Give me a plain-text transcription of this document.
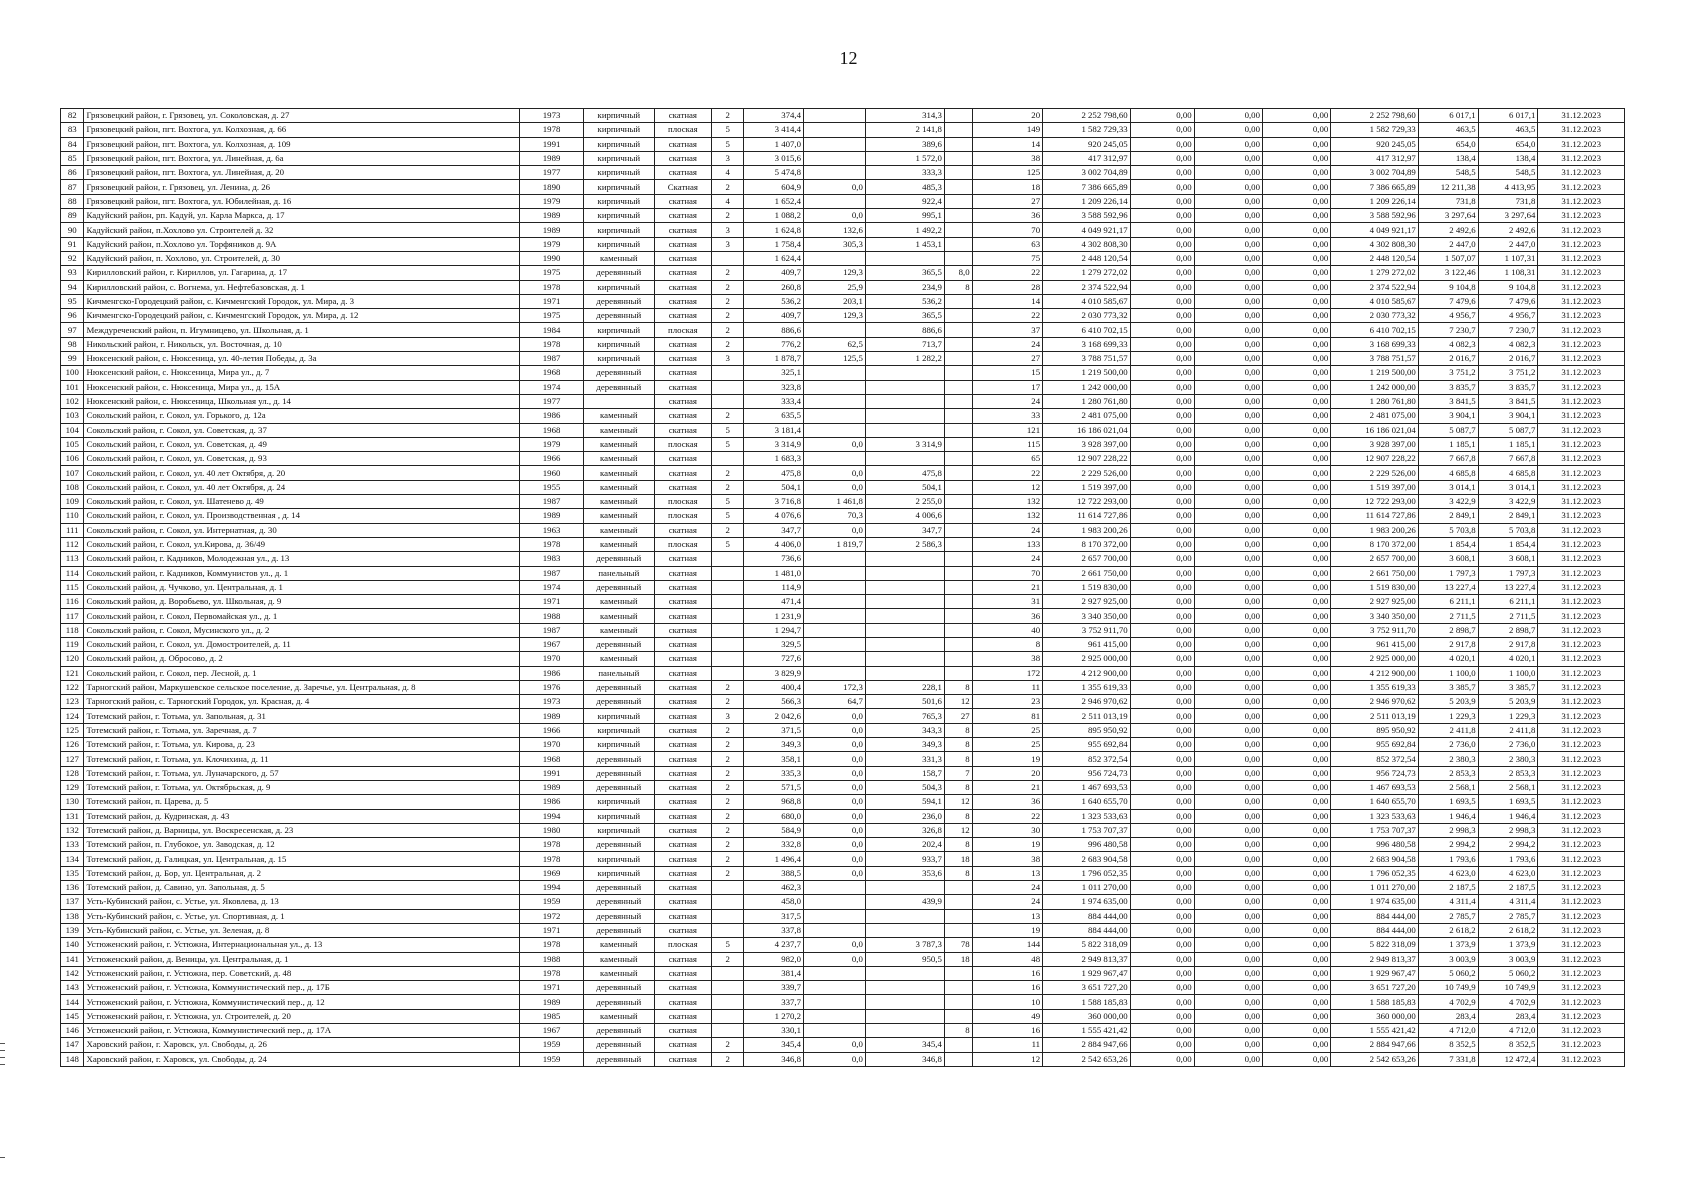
12
82	Грязовецкий район, г. Грязовец, ул. Соколовская, д. 27	1973	кирпичный	скатная	2	374,4		314,3		20	2 252 798,60	0,00	0,00	0,00	2 252 798,60	6 017,1	6 017,1	31.12.2023
83	Грязовецкий район, пгт. Вохтога, ул. Колхозная, д. 66	1978	кирпичный	плоская	5	3 414,4		2 141,8		149	1 582 729,33	0,00	0,00	0,00	1 582 729,33	463,5	463,5	31.12.2023
84	Грязовецкий район, пгт. Вохтога, ул. Колхозная, д. 109	1991	кирпичный	скатная	5	1 407,0		389,6		14	920 245,05	0,00	0,00	0,00	920 245,05	654,0	654,0	31.12.2023
85	Грязовецкий район, пгт. Вохтога, ул. Линейная, д. 6а	1989	кирпичный	скатная	3	3 015,6		1 572,0		38	417 312,97	0,00	0,00	0,00	417 312,97	138,4	138,4	31.12.2023
86	Грязовецкий район, пгт. Вохтога, ул. Линейная, д. 20	1977	кирпичный	скатная	4	5 474,8		333,3		125	3 002 704,89	0,00	0,00	0,00	3 002 704,89	548,5	548,5	31.12.2023
87	Грязовецкий район, г. Грязовец, ул. Ленина, д. 26	1890	кирпичный	Скатная	2	604,9	0,0	485,3		18	7 386 665,89	0,00	0,00	0,00	7 386 665,89	12 211,38	4 413,95	31.12.2023
88	Грязовецкий район, пгт. Вохтога, ул. Юбилейная, д. 16	1979	кирпичный	скатная	4	1 652,4		922,4		27	1 209 226,14	0,00	0,00	0,00	1 209 226,14	731,8	731,8	31.12.2023
89	Кадуйский район, рп. Кадуй, ул. Карла Маркса, д. 17	1989	кирпичный	скатная	2	1 088,2	0,0	995,1		36	3 588 592,96	0,00	0,00	0,00	3 588 592,96	3 297,64	3 297,64	31.12.2023
90	Кадуйский район, п.Хохлово ул. Строителей д. 32	1989	кирпичный	скатная	3	1 624,8	132,6	1 492,2		70	4 049 921,17	0,00	0,00	0,00	4 049 921,17	2 492,6	2 492,6	31.12.2023
91	Кадуйский район, п.Хохлово ул. Торфяников д. 9А	1979	кирпичный	скатная	3	1 758,4	305,3	1 453,1		63	4 302 808,30	0,00	0,00	0,00	4 302 808,30	2 447,0	2 447,0	31.12.2023
92	Кадуйский район, п. Хохлово, ул. Строителей, д. 30	1990	каменный	скатная		1 624,4				75	2 448 120,54	0,00	0,00	0,00	2 448 120,54	1 507,07	1 107,31	31.12.2023
93	Кирилловский район, г. Кириллов, ул. Гагарина, д. 17	1975	деревянный	скатная	2	409,7	129,3	365,5	8,0	22	1 279 272,02	0,00	0,00	0,00	1 279 272,02	3 122,46	1 108,31	31.12.2023
94	Кирилловский район, с. Вогнема, ул. Нефтебазовская, д. 1	1978	кирпичный	скатная	2	260,8	25,9	234,9	8	28	2 374 522,94	0,00	0,00	0,00	2 374 522,94	9 104,8	9 104,8	31.12.2023
95	Кичменгско-Городецкий район, с. Кичменгский Городок, ул. Мира, д. 3	1971	деревянный	скатная	2	536,2	203,1	536,2		14	4 010 585,67	0,00	0,00	0,00	4 010 585,67	7 479,6	7 479,6	31.12.2023
96	Кичменгско-Городецкий район, с. Кичменгский Городок, ул. Мира, д. 12	1975	деревянный	скатная	2	409,7	129,3	365,5		22	2 030 773,32	0,00	0,00	0,00	2 030 773,32	4 956,7	4 956,7	31.12.2023
97	Междуреченский район, п. Игумницево, ул. Школьная, д. 1	1984	кирпичный	плоская	2	886,6		886,6		37	6 410 702,15	0,00	0,00	0,00	6 410 702,15	7 230,7	7 230,7	31.12.2023
98	Никольский район, г. Никольск, ул. Восточная, д. 10	1978	кирпичный	скатная	2	776,2	62,5	713,7		24	3 168 699,33	0,00	0,00	0,00	3 168 699,33	4 082,3	4 082,3	31.12.2023
99	Нюксенский район, с. Нюксеница, ул. 40-летия Победы, д. 3а	1987	кирпичный	скатная	3	1 878,7	125,5	1 282,2		27	3 788 751,57	0,00	0,00	0,00	3 788 751,57	2 016,7	2 016,7	31.12.2023
100	Нюксенский район, с. Нюксеница, Мира ул., д. 7	1968	деревянный	скатная		325,1				15	1 219 500,00	0,00	0,00	0,00	1 219 500,00	3 751,2	3 751,2	31.12.2023
101	Нюксенский район, с. Нюксеница, Мира ул., д. 15А	1974	деревянный	скатная		323,8				17	1 242 000,00	0,00	0,00	0,00	1 242 000,00	3 835,7	3 835,7	31.12.2023
102	Нюксенский район, с. Нюксеница, Школьная ул., д. 14	1977		скатная		333,4				24	1 280 761,80	0,00	0,00	0,00	1 280 761,80	3 841,5	3 841,5	31.12.2023
103	Сокольский район, г. Сокол, ул. Горького, д. 12а	1986	каменный	скатная	2	635,5				33	2 481 075,00	0,00	0,00	0,00	2 481 075,00	3 904,1	3 904,1	31.12.2023
104	Сокольский район, г. Сокол, ул. Советская, д. 37	1968	каменный	скатная	5	3 181,4				121	16 186 021,04	0,00	0,00	0,00	16 186 021,04	5 087,7	5 087,7	31.12.2023
105	Сокольский район, г. Сокол, ул. Советская, д. 49	1979	каменный	плоская	5	3 314,9	0,0	3 314,9		115	3 928 397,00	0,00	0,00	0,00	3 928 397,00	1 185,1	1 185,1	31.12.2023
106	Сокольский район, г. Сокол, ул. Советская, д. 93	1966	каменный	скатная		1 683,3				65	12 907 228,22	0,00	0,00	0,00	12 907 228,22	7 667,8	7 667,8	31.12.2023
107	Сокольский район, г. Сокол, ул. 40 лет Октября, д. 20	1960	каменный	скатная	2	475,8	0,0	475,8		22	2 229 526,00	0,00	0,00	0,00	2 229 526,00	4 685,8	4 685,8	31.12.2023
108	Сокольский район, г. Сокол, ул. 40 лет Октября, д. 24	1955	каменный	скатная	2	504,1	0,0	504,1		12	1 519 397,00	0,00	0,00	0,00	1 519 397,00	3 014,1	3 014,1	31.12.2023
109	Сокольский район, г. Сокол, ул. Шатенево д. 49	1987	каменный	плоская	5	3 716,8	1 461,8	2 255,0		132	12 722 293,00	0,00	0,00	0,00	12 722 293,00	3 422,9	3 422,9	31.12.2023
110	Сокольский район, г. Сокол, ул. Производственная , д. 14	1989	каменный	плоская	5	4 076,6	70,3	4 006,6		132	11 614 727,86	0,00	0,00	0,00	11 614 727,86	2 849,1	2 849,1	31.12.2023
111	Сокольский район, г. Сокол, ул. Интернатная, д. 30	1963	каменный	скатная	2	347,7	0,0	347,7		24	1 983 200,26	0,00	0,00	0,00	1 983 200,26	5 703,8	5 703,8	31.12.2023
112	Сокольский район, г. Сокол, ул.Кирова, д. 36/49	1978	каменный	плоская	5	4 406,0	1 819,7	2 586,3		133	8 170 372,00	0,00	0,00	0,00	8 170 372,00	1 854,4	1 854,4	31.12.2023
113	Сокольский район, г. Кадников, Молодежная ул., д. 13	1983	деревянный	скатная		736,6				24	2 657 700,00	0,00	0,00	0,00	2 657 700,00	3 608,1	3 608,1	31.12.2023
114	Сокольский район, г. Кадников, Коммунистов ул., д. 1	1987	панельный	скатная		1 481,0				70	2 661 750,00	0,00	0,00	0,00	2 661 750,00	1 797,3	1 797,3	31.12.2023
115	Сокольский район, д. Чучково, ул. Центральная, д. 1	1974	деревянный	скатная		114,9				21	1 519 830,00	0,00	0,00	0,00	1 519 830,00	13 227,4	13 227,4	31.12.2023
116	Сокольский район, д. Воробьево, ул. Школьная, д. 9	1971	каменный	скатная		471,4				31	2 927 925,00	0,00	0,00	0,00	2 927 925,00	6 211,1	6 211,1	31.12.2023
117	Сокольский район, г. Сокол, Первомайская ул., д. 1	1988	каменный	скатная		1 231,9				36	3 340 350,00	0,00	0,00	0,00	3 340 350,00	2 711,5	2 711,5	31.12.2023
118	Сокольский район, г. Сокол, Мусинского ул., д. 2	1987	каменный	скатная		1 294,7				40	3 752 911,70	0,00	0,00	0,00	3 752 911,70	2 898,7	2 898,7	31.12.2023
119	Сокольский район, г. Сокол, ул. Домостроителей, д. 11	1967	деревянный	скатная		329,5				8	961 415,00	0,00	0,00	0,00	961 415,00	2 917,8	2 917,8	31.12.2023
120	Сокольский район, д. Обросово, д. 2	1970	каменный	скатная		727,6				38	2 925 000,00	0,00	0,00	0,00	2 925 000,00	4 020,1	4 020,1	31.12.2023
121	Сокольский район, г. Сокол, пер. Лесной, д. 1	1986	панельный	скатная		3 829,9				172	4 212 900,00	0,00	0,00	0,00	4 212 900,00	1 100,0	1 100,0	31.12.2023
122	Тарногский район, Маркушевское сельское поселение, д. Заречье, ул. Центральная, д. 8	1976	деревянный	скатная	2	400,4	172,3	228,1	8	11	1 355 619,33	0,00	0,00	0,00	1 355 619,33	3 385,7	3 385,7	31.12.2023
123	Тарногский район, с. Тарногский Городок, ул. Красная, д. 4	1973	деревянный	скатная	2	566,3	64,7	501,6	12	23	2 946 970,62	0,00	0,00	0,00	2 946 970,62	5 203,9	5 203,9	31.12.2023
124	Тотемский район, г. Тотьма, ул. Запольная, д. 31	1989	кирпичный	скатная	3	2 042,6	0,0	765,3	27	81	2 511 013,19	0,00	0,00	0,00	2 511 013,19	1 229,3	1 229,3	31.12.2023
125	Тотемский район, г. Тотьма, ул. Заречная, д. 7	1966	кирпичный	скатная	2	371,5	0,0	343,3	8	25	895 950,92	0,00	0,00	0,00	895 950,92	2 411,8	2 411,8	31.12.2023
126	Тотемский район, г. Тотьма, ул. Кирова, д. 23	1970	кирпичный	скатная	2	349,3	0,0	349,3	8	25	955 692,84	0,00	0,00	0,00	955 692,84	2 736,0	2 736,0	31.12.2023
127	Тотемский район, г. Тотьма, ул. Клочихина, д. 11	1968	деревянный	скатная	2	358,1	0,0	331,3	8	19	852 372,54	0,00	0,00	0,00	852 372,54	2 380,3	2 380,3	31.12.2023
128	Тотемский район, г. Тотьма, ул. Луначарского, д. 57	1991	деревянный	скатная	2	335,3	0,0	158,7	7	20	956 724,73	0,00	0,00	0,00	956 724,73	2 853,3	2 853,3	31.12.2023
129	Тотемский район, г. Тотьма, ул. Октябрьская, д. 9	1989	деревянный	скатная	2	571,5	0,0	504,3	8	21	1 467 693,53	0,00	0,00	0,00	1 467 693,53	2 568,1	2 568,1	31.12.2023
130	Тотемский район, п. Царева, д. 5	1986	кирпичный	скатная	2	968,8	0,0	594,1	12	36	1 640 655,70	0,00	0,00	0,00	1 640 655,70	1 693,5	1 693,5	31.12.2023
131	Тотемский район, д. Кудринская, д. 43	1994	кирпичный	скатная	2	680,0	0,0	236,0	8	22	1 323 533,63	0,00	0,00	0,00	1 323 533,63	1 946,4	1 946,4	31.12.2023
132	Тотемский район, д. Варницы, ул. Воскресенская, д. 23	1980	кирпичный	скатная	2	584,9	0,0	326,8	12	30	1 753 707,37	0,00	0,00	0,00	1 753 707,37	2 998,3	2 998,3	31.12.2023
133	Тотемский район, п. Глубокое, ул. Заводская, д. 12	1978	деревянный	скатная	2	332,8	0,0	202,4	8	19	996 480,58	0,00	0,00	0,00	996 480,58	2 994,2	2 994,2	31.12.2023
134	Тотемский район, д. Галицкая, ул. Центральная, д. 15	1978	кирпичный	скатная	2	1 496,4	0,0	933,7	18	38	2 683 904,58	0,00	0,00	0,00	2 683 904,58	1 793,6	1 793,6	31.12.2023
135	Тотемский район, д. Бор, ул. Центральная, д. 2	1969	кирпичный	скатная	2	388,5	0,0	353,6	8	13	1 796 052,35	0,00	0,00	0,00	1 796 052,35	4 623,0	4 623,0	31.12.2023
136	Тотемский район, д. Савино, ул. Запольная, д. 5	1994	деревянный	скатная		462,3				24	1 011 270,00	0,00	0,00	0,00	1 011 270,00	2 187,5	2 187,5	31.12.2023
137	Усть-Кубинский район, с. Устье, ул. Яковлева, д. 13	1959	деревянный	скатная		458,0		439,9		24	1 974 635,00	0,00	0,00	0,00	1 974 635,00	4 311,4	4 311,4	31.12.2023
138	Усть-Кубинский район, с. Устье, ул. Спортивная, д. 1	1972	деревянный	скатная		317,5				13	884 444,00	0,00	0,00	0,00	884 444,00	2 785,7	2 785,7	31.12.2023
139	Усть-Кубинский район, с. Устье, ул. Зеленая, д. 8	1971	деревянный	скатная		337,8				19	884 444,00	0,00	0,00	0,00	884 444,00	2 618,2	2 618,2	31.12.2023
140	Устюженский район, г. Устюжна, Интернациональная ул., д. 13	1978	каменный	плоская	5	4 237,7	0,0	3 787,3	78	144	5 822 318,09	0,00	0,00	0,00	5 822 318,09	1 373,9	1 373,9	31.12.2023
141	Устюженский район, д. Веницы, ул. Центральная, д. 1	1988	каменный	скатная	2	982,0	0,0	950,5	18	48	2 949 813,37	0,00	0,00	0,00	2 949 813,37	3 003,9	3 003,9	31.12.2023
142	Устюженский район, г. Устюжна, пер. Советский, д. 48	1978	каменный	скатная		381,4				16	1 929 967,47	0,00	0,00	0,00	1 929 967,47	5 060,2	5 060,2	31.12.2023
143	Устюженский район, г. Устюжна, Коммунистический пер., д. 17Б	1971	деревянный	скатная		339,7				16	3 651 727,20	0,00	0,00	0,00	3 651 727,20	10 749,9	10 749,9	31.12.2023
144	Устюженский район, г. Устюжна, Коммунистический пер., д. 12	1989	деревянный	скатная		337,7				10	1 588 185,83	0,00	0,00	0,00	1 588 185,83	4 702,9	4 702,9	31.12.2023
145	Устюженский район, г. Устюжна, ул. Строителей, д. 20	1985	каменный	скатная		1 270,2				49	360 000,00	0,00	0,00	0,00	360 000,00	283,4	283,4	31.12.2023
146	Устюженский район, г. Устюжна, Коммунистический пер., д. 17А	1967	деревянный	скатная		330,1			8	16	1 555 421,42	0,00	0,00	0,00	1 555 421,42	4 712,0	4 712,0	31.12.2023
147	Харовский район, г. Харовск, ул. Свободы, д. 26	1959	деревянный	скатная	2	345,4	0,0	345,4		11	2 884 947,66	0,00	0,00	0,00	2 884 947,66	8 352,5	8 352,5	31.12.2023
148	Харовский район, г. Харовск, ул. Свободы, д. 24	1959	деревянный	скатная	2	346,8	0,0	346,8		12	2 542 653,26	0,00	0,00	0,00	2 542 653,26	7 331,8	12 472,4	31.12.2023
